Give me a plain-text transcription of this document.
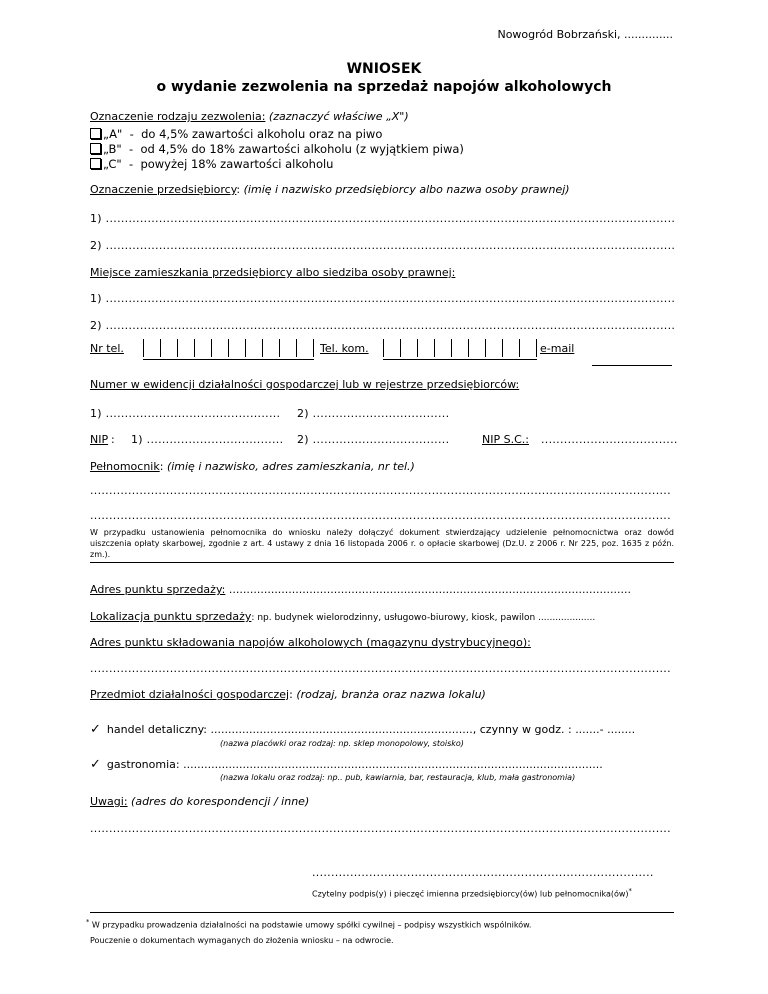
Nowogród Bobrzański, ..............
WNIOSEK
o wydanie zezwolenia na sprzedaż napojów alkoholowych
Oznaczenie rodzaju zezwolenia: (zaznaczyć właściwe „X")
„A"  -  do 4,5% zawartości alkoholu oraz na piwo
„B"  -  od 4,5% do 18% zawartości alkoholu (z wyjątkiem piwa)
„C"  -  powyżej 18% zawartości alkoholu
Oznaczenie przedsiębiorcy: (imię i nazwisko przedsiębiorcy albo nazwa osoby prawnej)
1) ......................................................................................................................................................
2) ......................................................................................................................................................
Miejsce zamieszkania przedsiębiorcy albo siedziba osoby prawnej:
1) ......................................................................................................................................................
2) ......................................................................................................................................................
Nr tel.	Tel. kom.	e-mail
Numer w ewidencji działalności gospodarczej lub w rejestrze przedsiębiorców:
1) .............................................. 2) ....................................
NIP : 1) .................................... 2) ....................................	NIP S.C.: ....................................
Pełnomocnik: (imię i nazwisko, adres zamieszkania, nr tel.)
.........................................................................................................................................................
.........................................................................................................................................................
W przypadku ustanowienia pełnomocnika do wniosku należy dołączyć dokument stwierdzający udzielenie pełnomocnictwa oraz dowód uiszczenia opłaty skarbowej, zgodnie z art. 4 ustawy z dnia 16 listopada 2006 r. o opłacie skarbowej (Dz.U. z 2006 r. Nr 225, poz. 1635 z późn. zm.).
Adres punktu sprzedaży: ...................................................................................................................
Lokalizacja punktu sprzedaży: np. budynek wielorodzinny, usługowo-biurowy, kiosk, pawilon ....................
Adres punktu składowania napojów alkoholowych (magazynu dystrybucyjnego):
.........................................................................................................................................................
Przedmiot działalności gospodarczej: (rodzaj, branża oraz nazwa lokalu)
✓ handel detaliczny: ..........................................................................., czynny w godz. : .......- ........
(nazwa placówki oraz rodzaj: np. sklep monopolowy, stoisko)
✓ gastronomia: ........................................................................................................................
(nazwa lokalu oraz rodzaj: np.. pub, kawiarnia, bar, restauracja, klub, mała gastronomia)
Uwagi: (adres do korespondencji / inne)
.........................................................................................................................................................
..........................................................................................
Czytelny podpis(y) i pieczęć imienna przedsiębiorcy(ów) lub pełnomocnika(ów)*
* W przypadku prowadzenia działalności na podstawie umowy spółki cywilnej – podpisy wszystkich wspólników.
Pouczenie o dokumentach wymaganych do złożenia wniosku – na odwrocie.
